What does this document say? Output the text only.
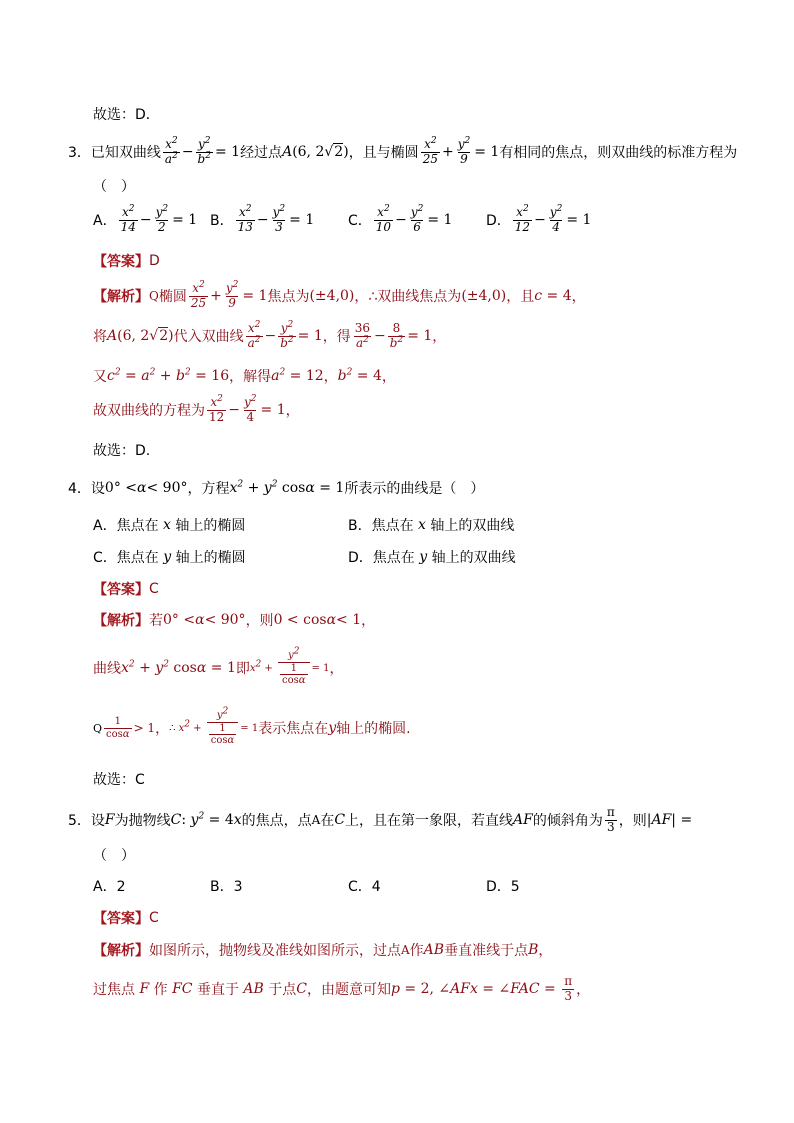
故选：D．
3． 已知双曲线 $\frac{x^2}{a^2} - \frac{y^2}{b^2} = 1$ 经过点 A (6, 2√2) ，且与椭圆 $\frac{x^2}{25} + \frac{y^2}{9} = 1$ 有相同的焦点，则双曲线的标准方程为
（　）
A． $\frac{x^2}{14} - \frac{y^2}{2} = 1$ B． $\frac{x^2}{13} - \frac{y^2}{3} = 1$ C． $\frac{x^2}{10} - \frac{y^2}{6} = 1$ D． $\frac{x^2}{12} - \frac{y^2}{4} = 1$
【答案】 D
【解析】 Q 椭圆 $\frac{x^2}{25} + \frac{y^2}{9} = 1$ 焦点为 (±4,0) ，∴双曲线焦点为 (±4,0) ，且 c = 4 ，
将 A (6, 2√2) 代入双曲线 $\frac{x^2}{a^2} - \frac{y^2}{b^2} = 1$ ，得 $\frac{36}{a^2} - \frac{8}{b^2} = 1$ ，
又 $c^2 = a^2 + b^2 = 16$ ，解得 $a^2 = 12$ ， $b^2 = 4$ ，
故双曲线的方程为 $\frac{x^2}{12} - \frac{y^2}{4} = 1$ ，
故选：D.
4． 设 0° < α < 90° ，方程 $x^2 + y^2$ cos α = 1 所表示的曲线是（　）
A．焦点在 x 轴上的椭圆	B．焦点在 x 轴上的双曲线
C．焦点在 y 轴上的椭圆	D．焦点在 y 轴上的双曲线
【答案】 C
【解析】 若 0° < α < 90° ，则 0 < cos α < 1 ，
曲线 $x^2 + y^2$ cos α = 1 即 $x^2 + \frac{y^2}{\frac{1}{\cos\alpha}} = 1$ ，
Q $\frac{1}{\cos\alpha} > 1$ ， ∴ $x^2 + \frac{y^2}{\frac{1}{\cos\alpha}} = 1$ 表示焦点在 y 轴上的椭圆.
故选：C
5． 设 F 为抛物线 C : $y^2 = 4$ x 的焦点，点 A 在 C 上，且在第一象限，若直线 AF 的倾斜角为 $\frac{\pi}{3}$ ，则 | AF | =
（　）
A．2	B．3	C．4	D．5
【答案】 C
【解析】 如图所示，抛物线及准线如图所示，过点 A 作 AB 垂直准线于点 B ，
过焦点 F 作 FC 垂直于 AB 于点 C ，由题意可知 p = 2, ∠ AFx = ∠ FAC = $\frac{\pi}{3}$ ，
